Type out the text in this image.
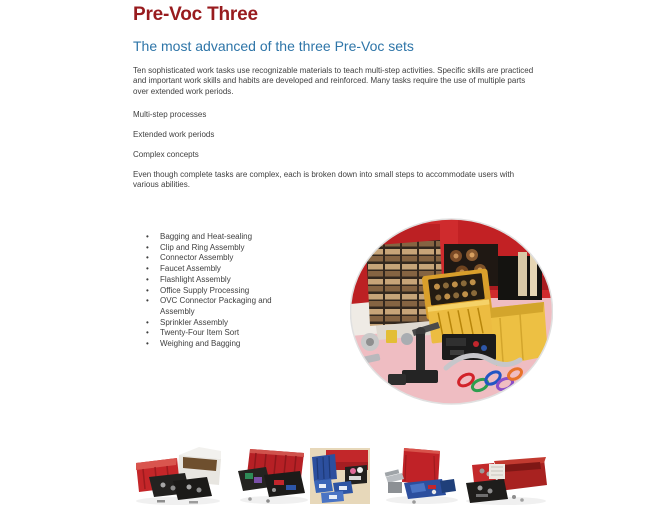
Pre-Voc Three
The most advanced of the three Pre-Voc sets

Ten sophisticated work tasks use recognizable materials to teach multi-step activities. Specific skills are practiced and important work skills and habits are developed and reinforced. Many tasks require the use of multiple parts over extended work periods.

Multi-step processes

Extended work periods

Complex concepts

Even though complete tasks are complex, each is broken down into small steps to accommodate users with various abilities.

•	Bagging and Heat-sealing
•	Clip and Ring Assembly
•	Connector Assembly
•	Faucet Assembly
•	Flashlight Assembly
•	Office Supply Processing
•	OVC Connector Packaging and Assembly
•	Sprinkler Assembly
•	Twenty-Four Item Sort
•	Weighing and Bagging
